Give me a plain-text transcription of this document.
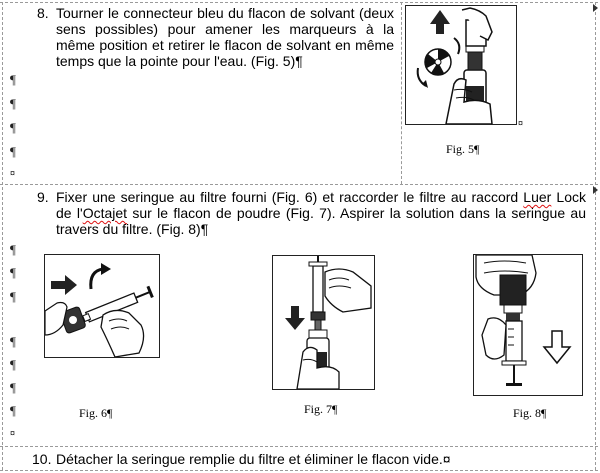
8. Tourner le connecteur bleu du flacon de solvant (deux sens possibles) pour amener les marqueurs à la même position et retirer le flacon de solvant en même temps que la pointe pour l'eau. (Fig. 5)¶
¶
¶
¶
¶
¤
¤
Fig. 5¶
9. Fixer une seringue au filtre fourni (Fig. 6) et raccorder le filtre au raccord Luer Lock de l'Octajet sur le flacon de poudre (Fig. 7). Aspirer la solution dans la seringue au travers du filtre. (Fig. 8)¶
¶
¶
¶
¶
¶
¶
¶
¤
Fig. 6¶	Fig. 7¶	Fig. 8¶
10. Détacher la seringue remplie du filtre et éliminer le flacon vide.¤
